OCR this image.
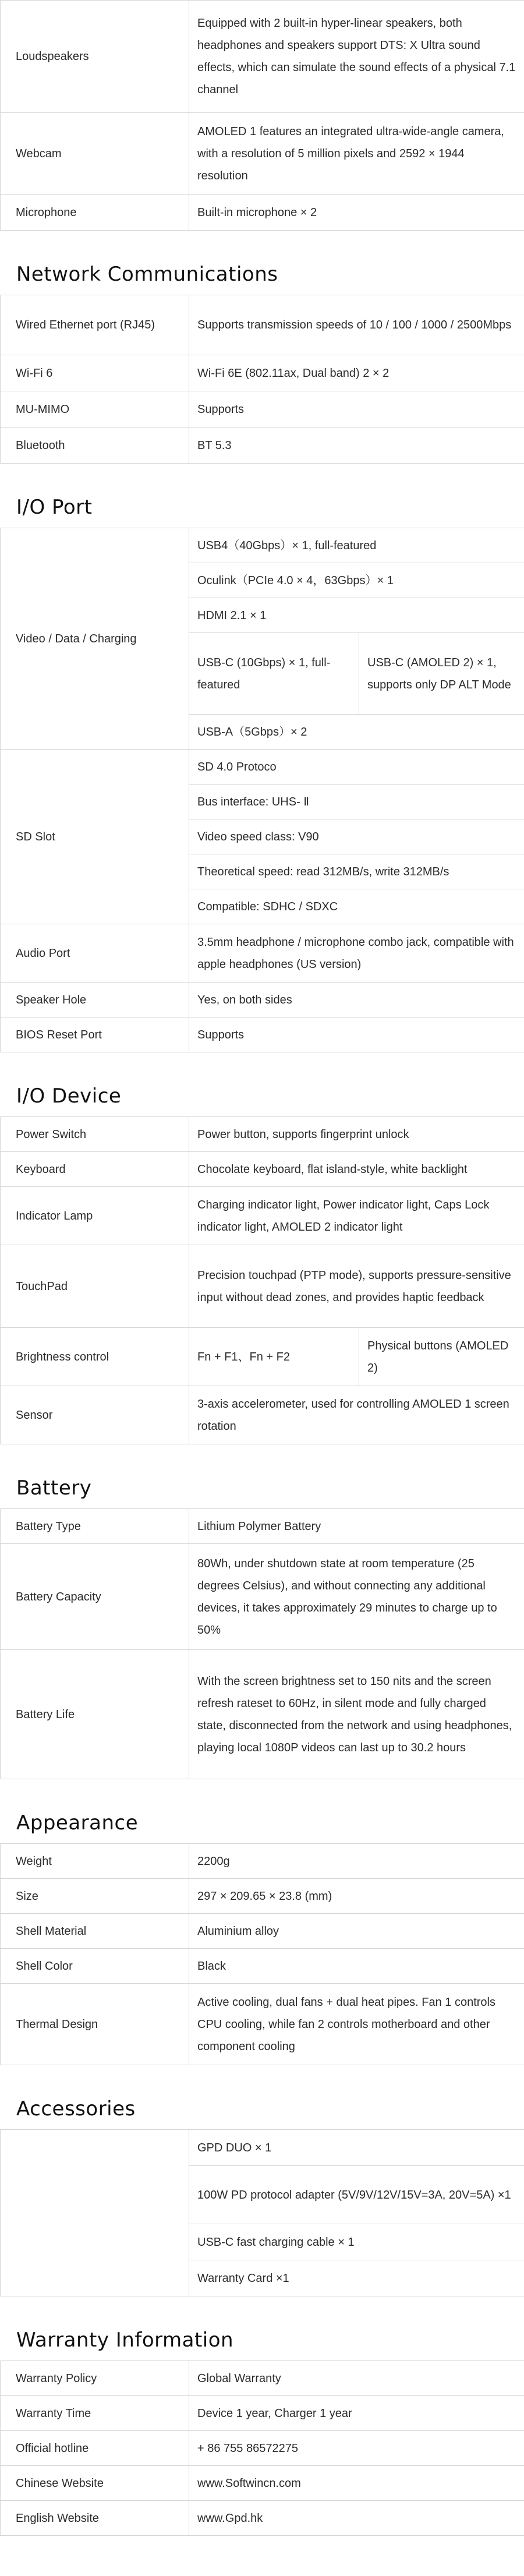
Loudspeakers	Equipped with 2 built-in hyper-linear speakers, both headphones and speakers support DTS: X Ultra sound effects, which can simulate the sound effects of a physical 7.1 channel
Webcam	AMOLED 1 features an integrated ultra-wide-angle camera, with a resolution of 5 million pixels and 2592 × 1944 resolution
Microphone	Built-in microphone × 2
Network Communications
Wired Ethernet port (RJ45)	Supports transmission speeds of 10 / 100 / 1000 / 2500Mbps
Wi-Fi 6	Wi-Fi 6E (802.11ax, Dual band) 2 × 2
MU-MIMO	Supports
Bluetooth	BT 5.3
I/O Port
Video / Data / Charging	USB4（40Gbps）× 1, full-featured	
	Oculink（PCIe 4.0 × 4，63Gbps）× 1	
	HDMI 2.1 × 1	
	USB-C (10Gbps) × 1, full-featured	USB-C (AMOLED 2) × 1, supports only DP ALT Mode
	USB-A（5Gbps）× 2	
SD Slot	SD 4.0 Protoco	
	Bus interface: UHS- Ⅱ	
	Video speed class: V90	
	Theoretical speed: read 312MB/s, write 312MB/s	
	Compatible: SDHC / SDXC	
Audio Port	3.5mm headphone / microphone combo jack, compatible with apple headphones (US version)	
Speaker Hole	Yes, on both sides	
BIOS Reset Port	Supports	
I/O Device
Power Switch	Power button, supports fingerprint unlock	
Keyboard	Chocolate keyboard, flat island-style, white backlight	
Indicator Lamp	Charging indicator light, Power indicator light, Caps Lock indicator light, AMOLED 2 indicator light	
TouchPad	Precision touchpad (PTP mode), supports pressure-sensitive input without dead zones, and provides haptic feedback	
Brightness control	Fn + F1、Fn + F2	Physical buttons (AMOLED 2)
Sensor	3-axis accelerometer, used for controlling AMOLED 1 screen rotation	
Battery
Battery Type	Lithium Polymer Battery
Battery Capacity	80Wh, under shutdown state at room temperature (25 degrees Celsius), and without connecting any additional devices, it takes approximately 29 minutes to charge up to 50%
Battery Life	With the screen brightness set to 150 nits and the screen refresh rateset to 60Hz, in silent mode and fully charged state, disconnected from the network and using headphones, playing local 1080P videos can last up to 30.2 hours
Appearance
Weight	2200g
Size	297 × 209.65 × 23.8 (mm)
Shell Material	Aluminium alloy
Shell Color	Black
Thermal Design	Active cooling, dual fans + dual heat pipes. Fan 1 controls CPU cooling, while fan 2 controls motherboard and other component cooling
Accessories
	GPD DUO × 1
100W PD protocol adapter (5V/9V/12V/15V=3A, 20V=5A) ×1
USB-C fast charging cable × 1
Warranty Card ×1
Warranty Information
Warranty Policy	Global Warranty
Warranty Time	Device 1 year, Charger 1 year
Official hotline	+ 86 755 86572275
Chinese Website	www.Softwincn.com
English Website	www.Gpd.hk
